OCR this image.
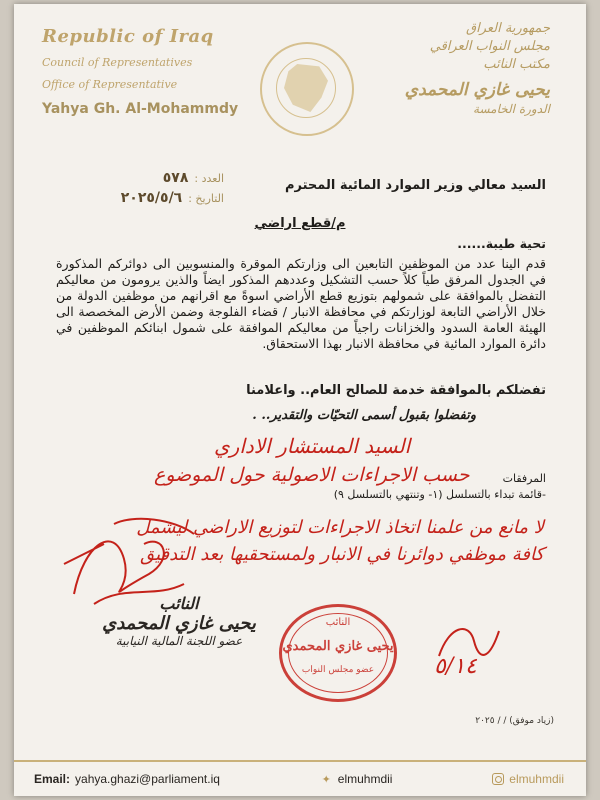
Republic of Iraq
Council of Representatives
Office of Representative
Yahya Gh. Al-Mohammdy
جمهورية العراق
مجلس النواب العراقي
مكتب النائب
يحيى غازي المحمدي
الدورة الخامسة
العدد :
٥٧٨
التاريخ :
٢٠٢٥/٥/٦
السيد معالي وزير الموارد المائية المحترم
م/قطع اراضي
تحية طيبة......
قدم الينا عدد من الموظفين التابعين الى وزارتكم الموقرة والمنسوبين الى دوائركم المذكورة في الجدول المرفق طياً كلاً حسب التشكيل وعددهم المذكور ايضاً والذين يرومون من معاليكم التفضل بالموافقة على شمولهم بتوزيع قطع الأراضي اسوةً مع اقرانهم من موظفين الدولة من خلال الأراضي التابعة لوزارتكم في محافظة الانبار / قضاء الفلوجة وضمن الأرض المخصصة الى الهيئة العامة السدود والخزانات راجياً من معاليكم الموافقة على شمول ابنائكم الموظفين في دائرة الموارد المائية في محافظة الانبار بهذا الاستحقاق.
تفضلكم بالموافقة خدمة للصالح العام.. واعلامنا
وتفضلوا بقبول أسمى التحيّات والتقدير.. .
المرفقات
-قائمة تبداء بالتسلسل (١- وتنتهي بالتسلسل ٩)
السيد المستشار الاداري
حسب الاجراءات الاصولية حول الموضوع
لا مانع من علمنا اتخاذ الاجراءات لتوزيع الاراضي ليشمل كافة موظفي دوائرنا في الانبار ولمستحقيها بعد التدقيق
٥/١٤
النائب
يحيى غازي المحمدي
عضو اللجنة المالية النيابية
النائب
يحيى غازي المحمدي
عضو مجلس النواب
(زياد موفق) / / ٢٠٢٥
Email: yahya.ghazi@parliament.iq	✦ elmuhmdii	elmuhmdii
